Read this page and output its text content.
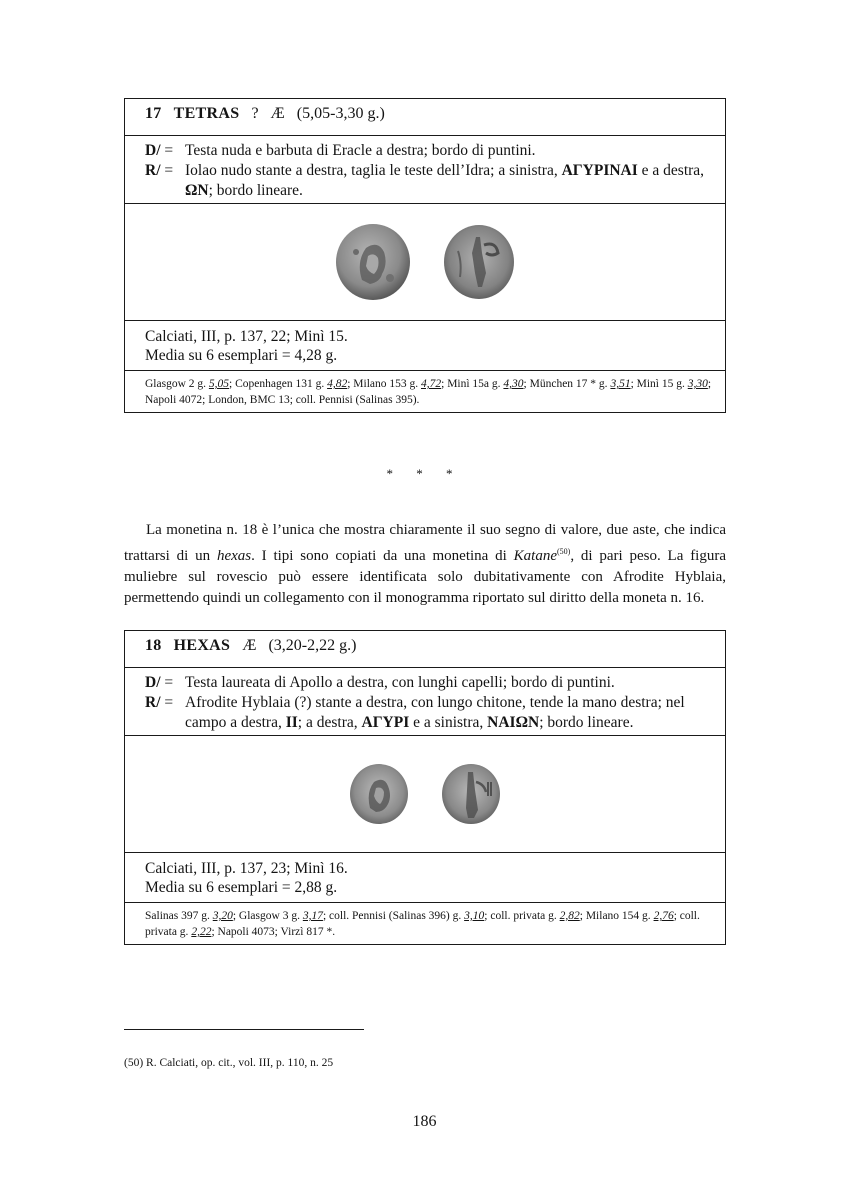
17 TETRAS ? Æ (5,05-3,30 g.)
D/ = Testa nuda e barbuta di Eracle a destra; bordo di puntini.
R/ = Iolao nudo stante a destra, taglia le teste dell’Idra; a sinistra, ΑΓΥΡΙΝΑΙ e a destra, ΩΝ; bordo lineare.
Calciati, III, p. 137, 22; Minì 15.
Media su 6 esemplari = 4,28 g.
Glasgow 2 g. 5,05; Copenhagen 131 g. 4,82; Milano 153 g. 4,72; Minì 15a g. 4,30; München 17 * g. 3,51; Minì 15 g. 3,30; Napoli 4072; London, BMC 13; coll. Pennisi (Salinas 395).
* * *
La monetina n. 18 è l’unica che mostra chiaramente il suo segno di valore, due aste, che indica trattarsi di un hexas. I tipi sono copiati da una monetina di Katane$^{(50)}$, di pari peso. La figura muliebre sul rovescio può essere identificata solo dubitativamente con Afrodite Hyblaia, permettendo quindi un collegamento con il monogramma riportato sul diritto della moneta n. 16.
18 HEXAS Æ (3,20-2,22 g.)
D/ = Testa laureata di Apollo a destra, con lunghi capelli; bordo di puntini.
R/ = Afrodite Hyblaia (?) stante a destra, con lungo chitone, tende la mano destra; nel campo a destra, II; a destra, ΑΓΥΡΙ e a sinistra, ΝΑΙΩΝ; bordo lineare.
Calciati, III, p. 137, 23; Minì 16.
Media su 6 esemplari = 2,88 g.
Salinas 397 g. 3,20; Glasgow 3 g. 3,17; coll. Pennisi (Salinas 396) g. 3,10; coll. privata g. 2,82; Milano 154 g. 2,76; coll. privata g. 2,22; Napoli 4073; Virzì 817 *.
(50) R. Calciati, op. cit., vol. III, p. 110, n. 25
186
